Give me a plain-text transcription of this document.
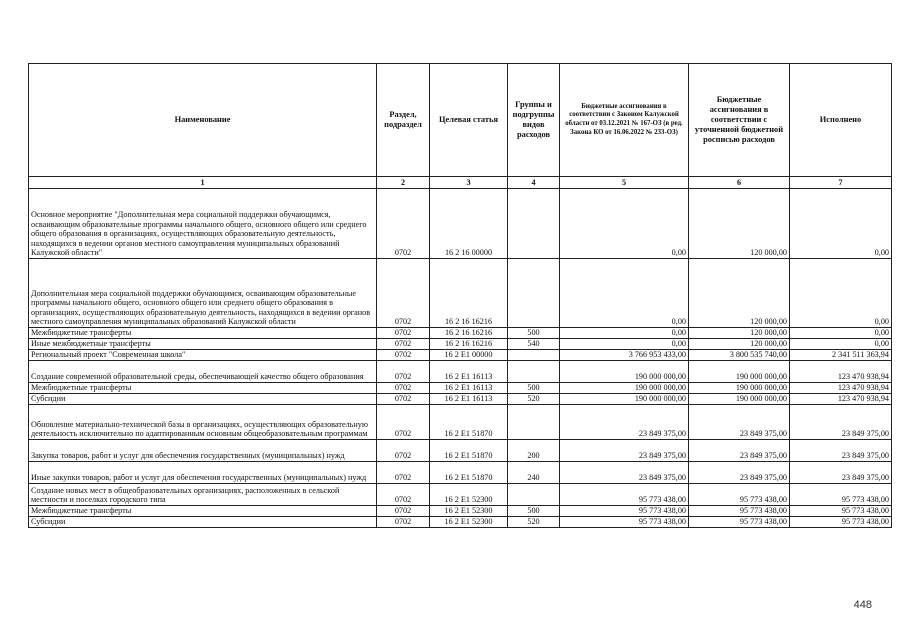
Наименование	Раздел, подраздел	Целевая статья	Группы и подгруппы видов расходов	Бюджетные ассигнования в соответствии с Законом Калужской области от 03.12.2021 № 167-ОЗ (в ред. Закона КО от 16.06.2022 № 233-ОЗ)	Бюджетные ассигнования в соответствии с уточненной бюджетной росписью расходов	Исполнено
1	2	3	4	5	6	7
Основное мероприятие "Дополнительная мера социальной поддержки обучающимся, осваивающим образовательные программы начального общего, основного общего или среднего общего образования в организациях, осуществляющих образовательную деятельность, находящихся в ведении органов местного самоуправления муниципальных образований Калужской области"	0702	16 2 16 00000		0,00	120 000,00	0,00
Дополнительная мера социальной поддержки обучающимся, осваивающим образовательные программы начального общего, основного общего или среднего общего образования в организациях, осуществляющих образовательную деятельность, находящихся в ведении органов местного самоуправления муниципальных образований Калужской области	0702	16 2 16 16216		0,00	120 000,00	0,00
Межбюджетные трансферты	0702	16 2 16 16216	500	0,00	120 000,00	0,00
Иные межбюджетные трансферты	0702	16 2 16 16216	540	0,00	120 000,00	0,00
Региональный проект "Современная школа"	0702	16 2 Е1 00000		3 766 953 433,00	3 800 535 740,00	2 341 511 363,94
Создание современной образовательной среды, обеспечивающей качество общего образования	0702	16 2 Е1 16113		190 000 000,00	190 000 000,00	123 470 938,94
Межбюджетные трансферты	0702	16 2 Е1 16113	500	190 000 000,00	190 000 000,00	123 470 938,94
Субсидии	0702	16 2 Е1 16113	520	190 000 000,00	190 000 000,00	123 470 938,94
Обновление материально-технической базы в организациях, осуществляющих образовательную деятельность исключительно по адаптированным основным общеобразовательным программам	0702	16 2 Е1 51870		23 849 375,00	23 849 375,00	23 849 375,00
Закупка товаров, работ и услуг для обеспечения государственных (муниципальных) нужд	0702	16 2 Е1 51870	200	23 849 375,00	23 849 375,00	23 849 375,00
Иные закупки товаров, работ и услуг для обеспечения государственных (муниципальных) нужд	0702	16 2 Е1 51870	240	23 849 375,00	23 849 375,00	23 849 375,00
Создание новых мест в общеобразовательных организациях, расположенных в сельской местности и поселках городского типа	0702	16 2 Е1 52300		95 773 438,00	95 773 438,00	95 773 438,00
Межбюджетные трансферты	0702	16 2 Е1 52300	500	95 773 438,00	95 773 438,00	95 773 438,00
Субсидии	0702	16 2 Е1 52300	520	95 773 438,00	95 773 438,00	95 773 438,00
448
